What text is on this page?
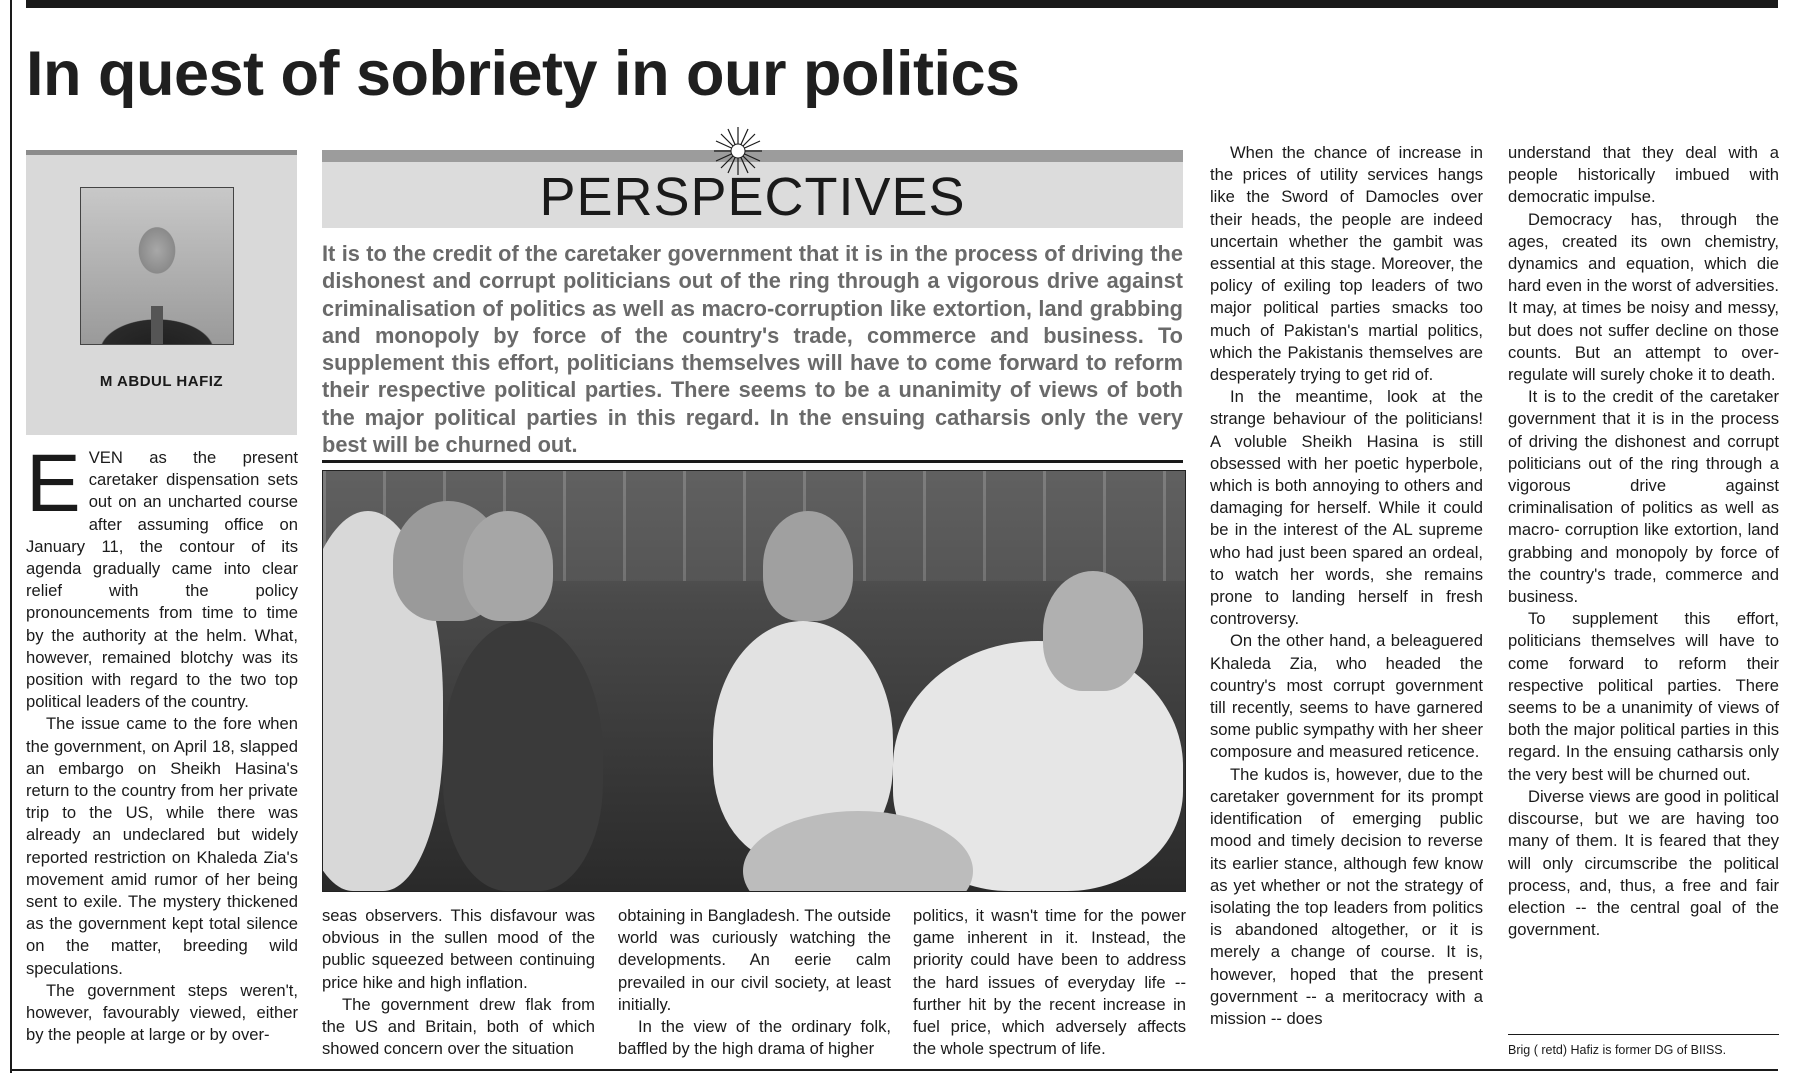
In quest of sobriety in our politics
M ABDUL HAFIZ
PERSPECTIVES
It is to the credit of the caretaker government that it is in the process of driving the dishonest and corrupt politicians out of the ring through a vigorous drive against criminalisation of politics as well as macro-corruption like extortion, land grabbing and monopoly by force of the country's trade, commerce and business. To supplement this effort, politicians themselves will have to come forward to reform their respective political parties. There seems to be a unanimity of views of both the major political parties in this regard. In the ensuing catharsis only the very best will be churned out.

EVEN as the present caretaker dispensation sets out on an uncharted course after assuming office on January 11, the contour of its agenda gradually came into clear relief with the policy pronouncements from time to time by the authority at the helm. What, however, remained blotchy was its position with regard to the two top political leaders of the country.

The issue came to the fore when the government, on April 18, slapped an embargo on Sheikh Hasina's return to the country from her private trip to the US, while there was already an undeclared but widely reported restriction on Khaleda Zia's movement amid rumor of her being sent to exile. The mystery thickened as the government kept total silence on the matter, breeding wild speculations.

The government steps weren't, however, favourably viewed, either by the people at large or by over-

seas observers. This disfavour was obvious in the sullen mood of the public squeezed between continuing price hike and high inflation.

The government drew flak from the US and Britain, both of which showed concern over the situation

obtaining in Bangladesh. The outside world was curiously watching the developments. An eerie calm prevailed in our civil society, at least initially.

In the view of the ordinary folk, baffled by the high drama of higher

politics, it wasn't time for the power game inherent in it. Instead, the priority could have been to address the hard issues of everyday life -- further hit by the recent increase in fuel price, which adversely affects the whole spectrum of life.

When the chance of increase in the prices of utility services hangs like the Sword of Damocles over their heads, the people are indeed uncertain whether the gambit was essential at this stage. Moreover, the policy of exiling top leaders of two major political parties smacks too much of Pakistan's martial politics, which the Pakistanis themselves are desperately trying to get rid of.

In the meantime, look at the strange behaviour of the politicians! A voluble Sheikh Hasina is still obsessed with her poetic hyperbole, which is both annoying to others and damaging for herself. While it could be in the interest of the AL supreme who had just been spared an ordeal, to watch her words, she remains prone to landing herself in fresh controversy.

On the other hand, a beleaguered Khaleda Zia, who headed the country's most corrupt government till recently, seems to have garnered some public sympathy with her sheer composure and measured reticence.

The kudos is, however, due to the caretaker government for its prompt identification of emerging public mood and timely decision to reverse its earlier stance, although few know as yet whether or not the strategy of isolating the top leaders from politics is abandoned altogether, or it is merely a change of course. It is, however, hoped that the present government -- a meritocracy with a mission -- does

understand that they deal with a people historically imbued with democratic impulse.

Democracy has, through the ages, created its own chemistry, dynamics and equation, which die hard even in the worst of adversities. It may, at times be noisy and messy, but does not suffer decline on those counts. But an attempt to over-regulate will surely choke it to death.

It is to the credit of the caretaker government that it is in the process of driving the dishonest and corrupt politicians out of the ring through a vigorous drive against criminalisation of politics as well as macro- corruption like extortion, land grabbing and monopoly by force of the country's trade, commerce and business.

To supplement this effort, politicians themselves will have to come forward to reform their respective political parties. There seems to be a unanimity of views of both the major political parties in this regard. In the ensuing catharsis only the very best will be churned out.

Diverse views are good in political discourse, but we are having too many of them. It is feared that they will only circumscribe the political process, and, thus, a free and fair election -- the central goal of the government.

Brig ( retd) Hafiz is former DG of BIISS.
